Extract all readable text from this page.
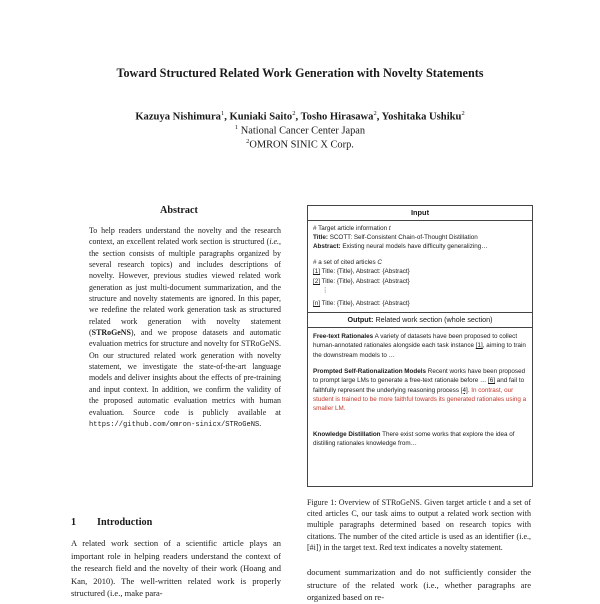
Toward Structured Related Work Generation with Novelty Statements
Kazuya Nishimura$^1$, Kuniaki Saito$^2$, Tosho Hirasawa$^2$, Yoshitaka Ushiku$^2$
$^1$ National Cancer Center Japan
$^2$OMRON SINIC X Corp.
Abstract
To help readers understand the novelty and the research context, an excellent related work section is structured (i.e., the section consists of multiple paragraphs organized by several research topics) and includes descriptions of novelty. However, previous studies viewed related work generation as just multi-document summarization, and the structure and novelty statements are ignored. In this paper, we redefine the related work generation task as structured related work generation with novelty statement (STRoGeNS), and we propose datasets and automatic evaluation metrics for structure and novelty for STRoGeNS. On our structured related work generation with novelty statement, we investigate the state-of-the-art language models and deliver insights about the effects of pre-training and input context. In addition, we confirm the validity of the proposed automatic evaluation metrics with human evaluation. Source code is publicly available at https://github.com/omron-sinicx/STRoGeNS.
1 Introduction
A related work section of a scientific article plays an important role in helping readers understand the context of the research field and the novelty of their work (Hoang and Kan, 2010). The well-written related work is properly structured (i.e., make para-
Input
# Target article information t
Title: SCOTT: Self-Consistent Chain-of-Thought Distillation
Abstract: Existing neural models have difficulty generalizing…
# a set of cited articles C
[1] Title: {Title}, Abstract: {Abstract}
[2] Title: {Title}, Abstract: {Abstract}
⋮
[n] Title: {Title}, Abstract: {Abstract}
Output: Related work section (whole section)
Free-text Rationales A variety of datasets have been proposed to collect human-annotated rationales alongside each task instance [1], aiming to train the downstream models to …
Prompted Self-Rationalization Models Recent works have been proposed to prompt large LMs to generate a free-text rationale before … [6] and fail to faithfully represent the underlying reasoning process [4]. In contrast, our student is trained to be more faithful towards its generated rationales using a smaller LM.
Knowledge Distillation There exist some works that explore the idea of distilling rationales knowledge from…
Figure 1: Overview of STRoGeNS. Given target article t and a set of cited articles C, our task aims to output a related work section with multiple paragraphs determined based on research topics with citations. The number of the cited article is used as an identifier (i.e., [#i]) in the target text. Red text indicates a novelty statement.
document summarization and do not sufficiently consider the structure of the related work (i.e., whether paragraphs are organized based on re-
